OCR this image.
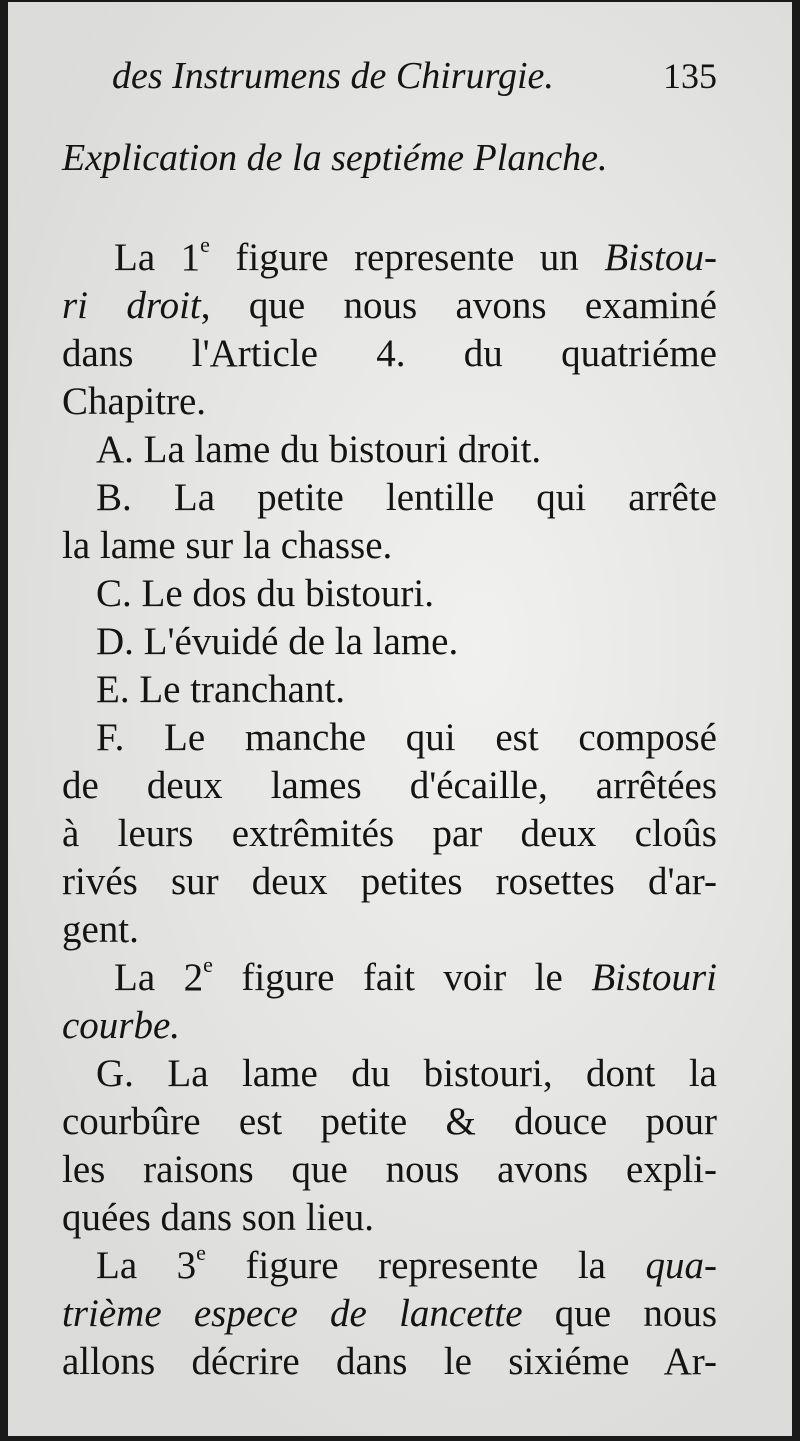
des Instrumens de Chirurgie.	135
Explication de la septiéme Planche.
La 1e figure represente un Bistou-
ri droit, que nous avons examiné
dans l'Article 4. du quatriéme
Chapitre.
A. La lame du bistouri droit.
B. La petite lentille qui arrête
la lame sur la chasse.
C. Le dos du bistouri.
D. L'évuidé de la lame.
E. Le tranchant.
F. Le manche qui est composé
de deux lames d'écaille, arrêtées
à leurs extrêmités par deux cloûs
rivés sur deux petites rosettes d'ar-
gent.
La 2e figure fait voir le Bistouri
courbe.
G. La lame du bistouri, dont la
courbûre est petite & douce pour
les raisons que nous avons expli-
quées dans son lieu.
La 3e figure represente la qua-
trième espece de lancette que nous
allons décrire dans le sixiéme Ar-
